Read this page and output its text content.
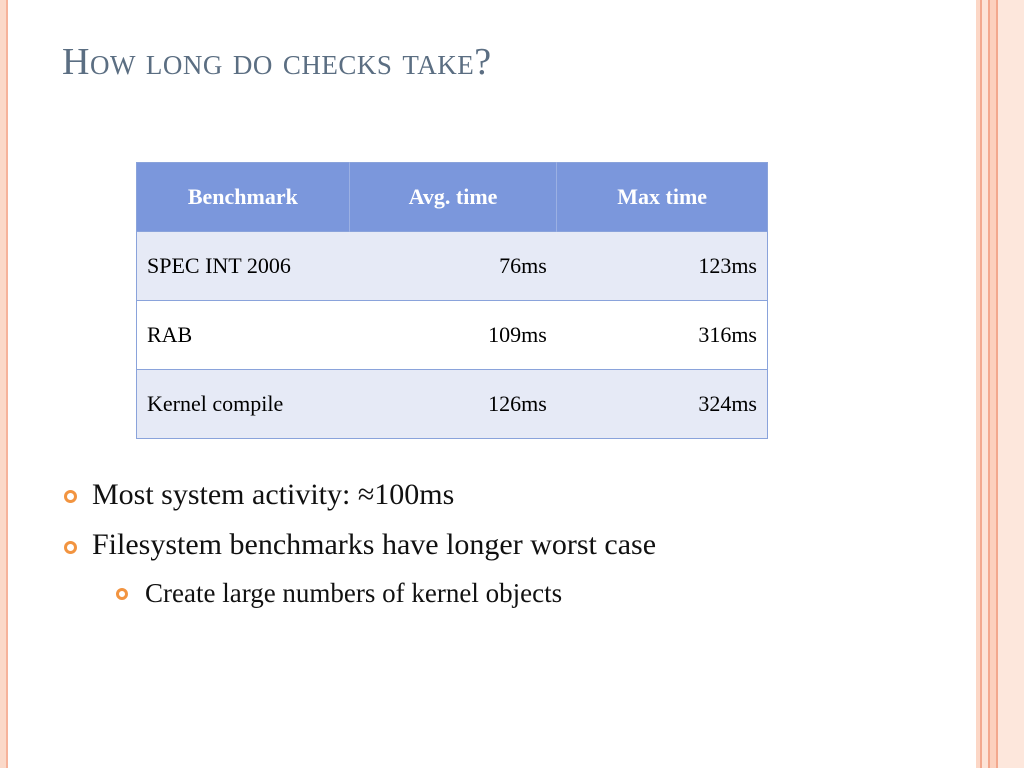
How long do checks take?
Benchmark	Avg. time	Max time
SPEC INT 2006	76ms	123ms
RAB	109ms	316ms
Kernel compile	126ms	324ms
Most system activity: ≈100ms
Filesystem benchmarks have longer worst case
Create large numbers of kernel objects
